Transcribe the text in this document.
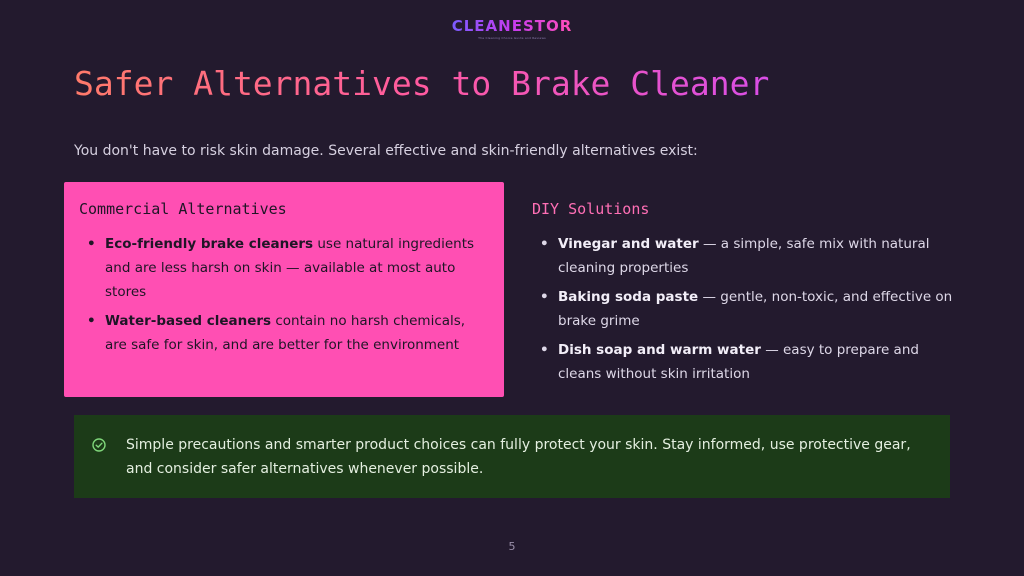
CLEANESTOR
The Cleaning Choice Guide and Reviews
Safer Alternatives to Brake Cleaner

You don't have to risk skin damage. Several effective and skin-friendly alternatives exist:

Commercial Alternatives
• Eco-friendly brake cleaners use natural ingredients and are less harsh on skin — available at most auto stores
• Water-based cleaners contain no harsh chemicals, are safe for skin, and are better for the environment
DIY Solutions
• Vinegar and water — a simple, safe mix with natural cleaning properties
• Baking soda paste — gentle, non-toxic, and effective on brake grime
• Dish soap and warm water — easy to prepare and cleans without skin irritation

Simple precautions and smarter product choices can fully protect your skin. Stay informed, use protective gear, and consider safer alternatives whenever possible.

5
